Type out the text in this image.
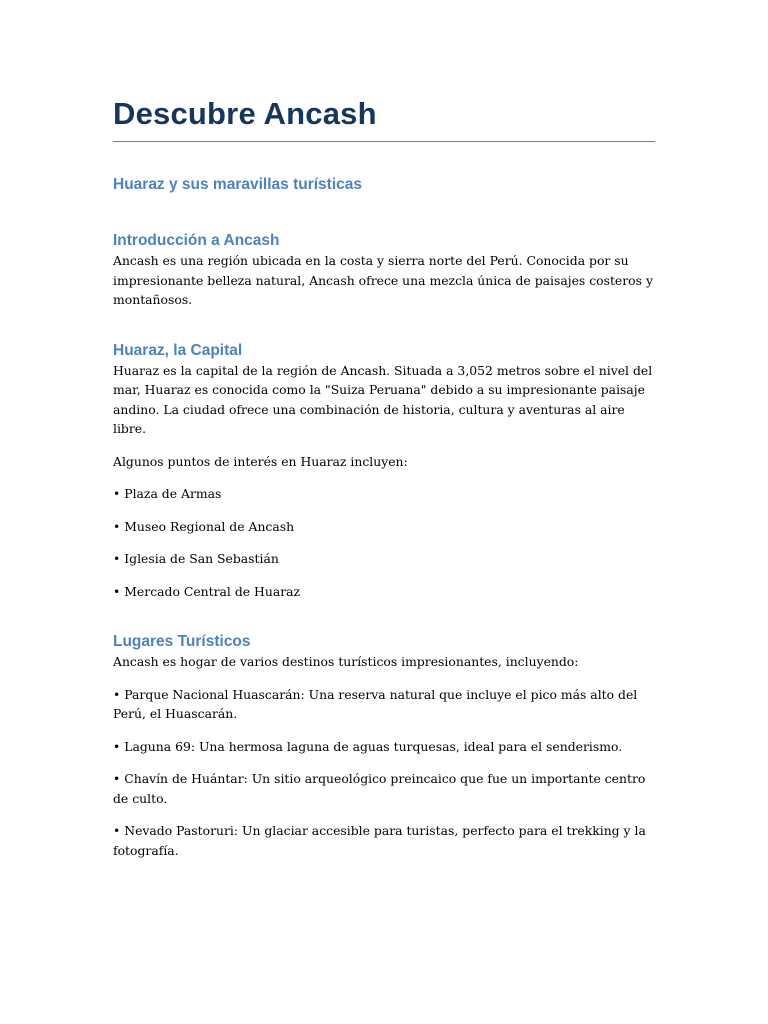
Descubre Ancash
Huaraz y sus maravillas turísticas
Introducción a Ancash

Ancash es una región ubicada en la costa y sierra norte del Perú. Conocida por su impresionante belleza natural, Ancash ofrece una mezcla única de paisajes costeros y montañosos.

Huaraz, la Capital

Huaraz es la capital de la región de Ancash. Situada a 3,052 metros sobre el nivel del mar, Huaraz es conocida como la "Suiza Peruana" debido a su impresionante paisaje andino. La ciudad ofrece una combinación de historia, cultura y aventuras al aire libre.

Algunos puntos de interés en Huaraz incluyen:

• Plaza de Armas

• Museo Regional de Ancash

• Iglesia de San Sebastián

• Mercado Central de Huaraz

Lugares Turísticos

Ancash es hogar de varios destinos turísticos impresionantes, incluyendo:

• Parque Nacional Huascarán: Una reserva natural que incluye el pico más alto del Perú, el Huascarán.

• Laguna 69: Una hermosa laguna de aguas turquesas, ideal para el senderismo.

• Chavín de Huántar: Un sitio arqueológico preincaico que fue un importante centro de culto.

• Nevado Pastoruri: Un glaciar accesible para turistas, perfecto para el trekking y la fotografía.
